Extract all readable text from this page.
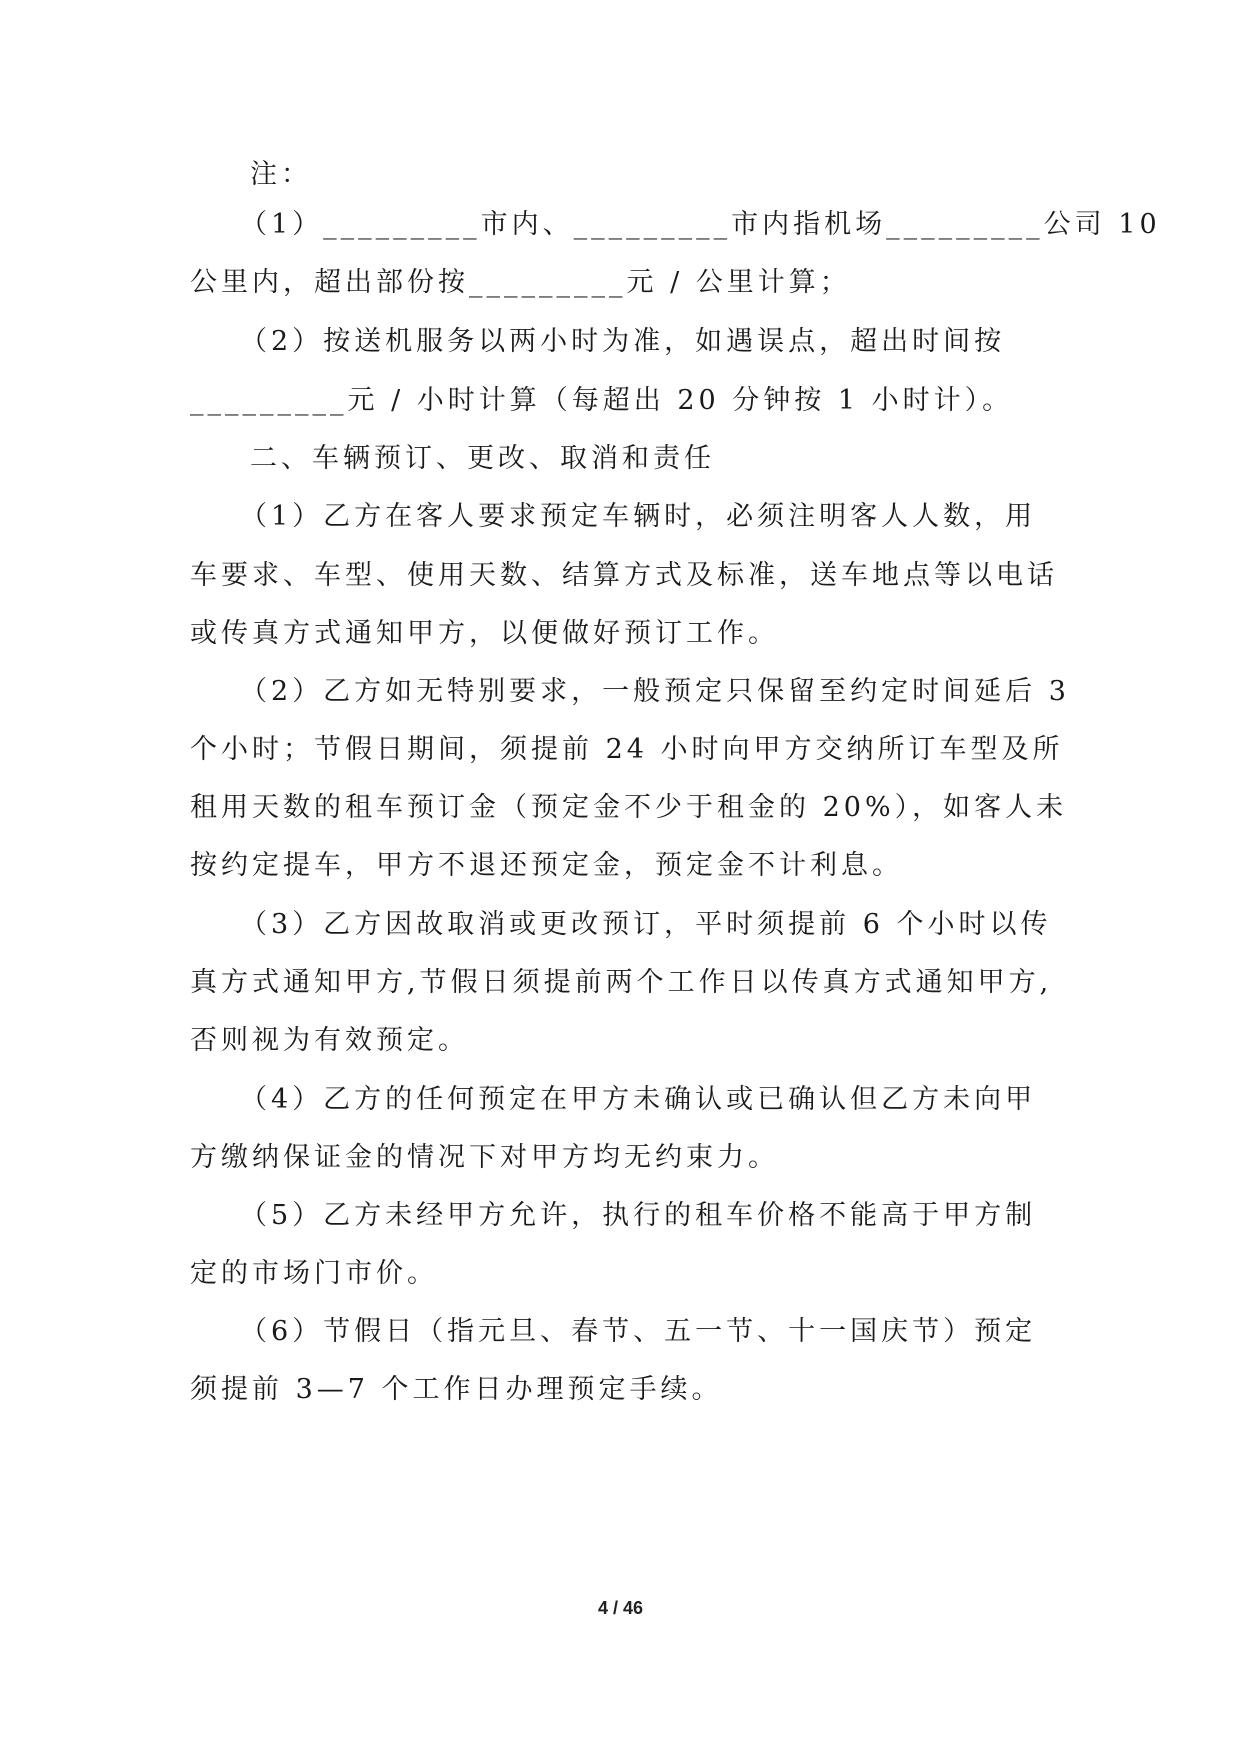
注：
（1）_________市内、_________市内指机场_________公司 10
公里内，超出部份按_________元 / 公里计算；
（2）按送机服务以两小时为准，如遇误点，超出时间按
_________元 / 小时计算（每超出 20 分钟按 1 小时计）。
二、车辆预订、更改、取消和责任
（1）乙方在客人要求预定车辆时，必须注明客人人数，用
车要求、车型、使用天数、结算方式及标准，送车地点等以电话
或传真方式通知甲方，以便做好预订工作。
（2）乙方如无特别要求，一般预定只保留至约定时间延后 3
个小时；节假日期间，须提前 24 小时向甲方交纳所订车型及所
租用天数的租车预订金（预定金不少于租金的 20%），如客人未
按约定提车，甲方不退还预定金，预定金不计利息。
（3）乙方因故取消或更改预订，平时须提前 6 个小时以传
真方式通知甲方,节假日须提前两个工作日以传真方式通知甲方,
否则视为有效预定。
（4）乙方的任何预定在甲方未确认或已确认但乙方未向甲
方缴纳保证金的情况下对甲方均无约束力。
（5）乙方未经甲方允许，执行的租车价格不能高于甲方制
定的市场门市价。
（6）节假日（指元旦、春节、五一节、十一国庆节）预定
须提前 3—7 个工作日办理预定手续。
4 / 46
